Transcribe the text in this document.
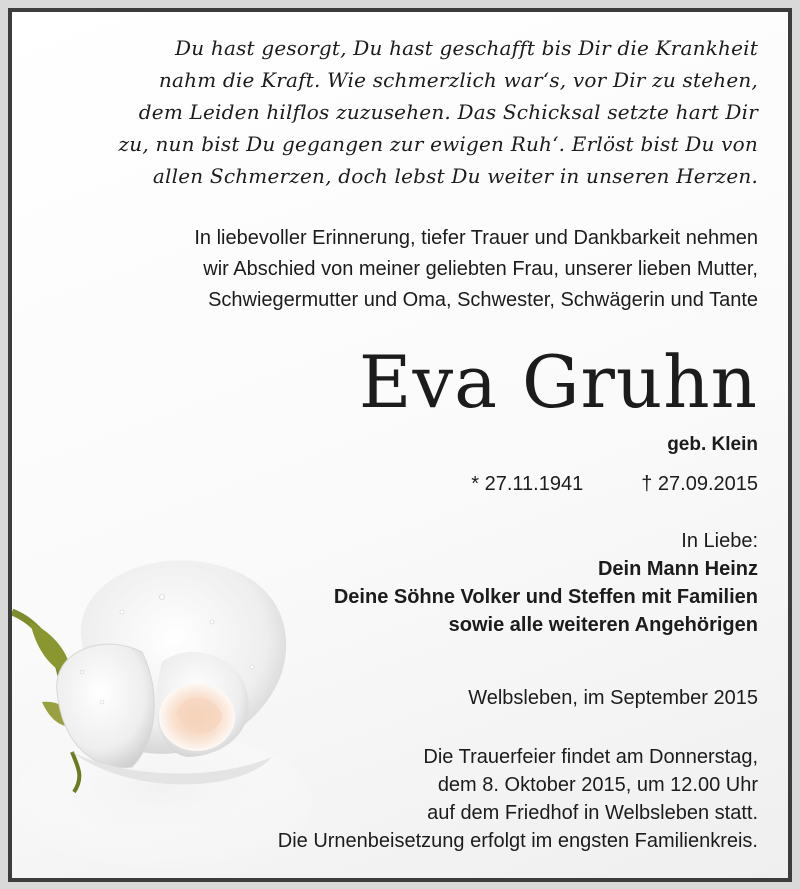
Du hast gesorgt, Du hast geschafft bis Dir die Krankheit
nahm die Kraft. Wie schmerzlich war‘s, vor Dir zu stehen,
dem Leiden hilflos zuzusehen. Das Schicksal setzte hart Dir
zu, nun bist Du gegangen zur ewigen Ruh‘. Erlöst bist Du von
allen Schmerzen, doch lebst Du weiter in unseren Herzen.
In liebevoller Erinnerung, tiefer Trauer und Dankbarkeit nehmen
wir Abschied von meiner geliebten Frau, unserer lieben Mutter,
Schwiegermutter und Oma, Schwester, Schwägerin und Tante
Eva Gruhn
geb. Klein
* 27.11.1941	† 27.09.2015
In Liebe:
Dein Mann Heinz
Deine Söhne Volker und Steffen mit Familien
sowie alle weiteren Angehörigen
Welbsleben, im September 2015
Die Trauerfeier findet am Donnerstag,
dem 8. Oktober 2015, um 12.00 Uhr
auf dem Friedhof in Welbsleben statt.
Die Urnenbeisetzung erfolgt im engsten Familienkreis.
